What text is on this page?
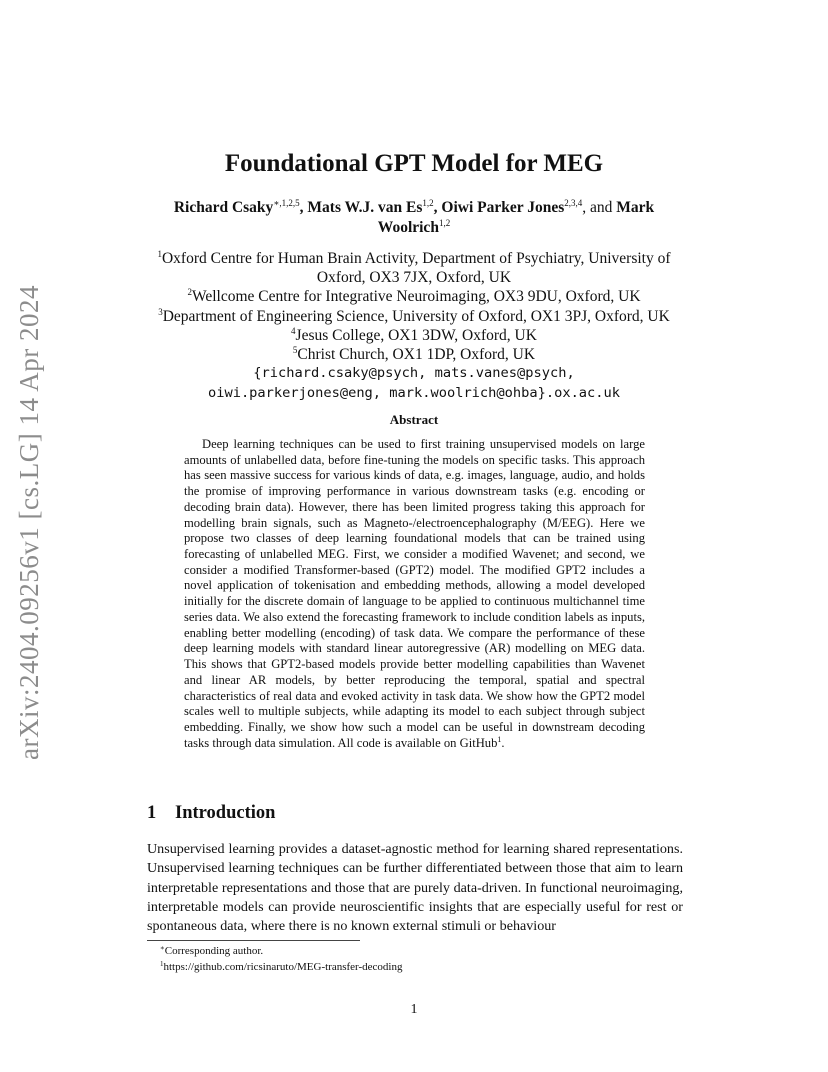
arXiv:2404.09256v1 [cs.LG] 14 Apr 2024
Foundational GPT Model for MEG
Richard Csaky$^{∗,1,2,5}$, Mats W.J. van Es$^{1,2}$, Oiwi Parker Jones$^{2,3,4}$, and Mark
Woolrich$^{1,2}$
$^1$Oxford Centre for Human Brain Activity, Department of Psychiatry, University of Oxford, OX3 7JX, Oxford, UK
$^2$Wellcome Centre for Integrative Neuroimaging, OX3 9DU, Oxford, UK
$^3$Department of Engineering Science, University of Oxford, OX1 3PJ, Oxford, UK
$^4$Jesus College, OX1 3DW, Oxford, UK
$^5$Christ Church, OX1 1DP, Oxford, UK
{richard.csaky@psych, mats.vanes@psych,
oiwi.parkerjones@eng, mark.woolrich@ohba}.ox.ac.uk
Abstract

Deep learning techniques can be used to first training unsupervised models on large amounts of unlabelled data, before fine-tuning the models on specific tasks. This approach has seen massive success for various kinds of data, e.g. images, language, audio, and holds the promise of improving performance in various downstream tasks (e.g. encoding or decoding brain data). However, there has been limited progress taking this approach for modelling brain signals, such as Magneto-/electroencephalography (M/EEG). Here we propose two classes of deep learning foundational models that can be trained using forecasting of unlabelled MEG. First, we consider a modified Wavenet; and second, we consider a modified Transformer-based (GPT2) model. The modified GPT2 includes a novel application of tokenisation and embedding methods, allowing a model developed initially for the discrete domain of language to be applied to continuous multichannel time series data. We also extend the forecasting framework to include condition labels as inputs, enabling better modelling (encoding) of task data. We compare the performance of these deep learning models with standard linear autoregressive (AR) modelling on MEG data. This shows that GPT2-based models provide better modelling capabilities than Wavenet and linear AR models, by better reproducing the temporal, spatial and spectral characteristics of real data and evoked activity in task data. We show how the GPT2 model scales well to multiple subjects, while adapting its model to each subject through subject embedding. Finally, we show how such a model can be useful in downstream decoding tasks through data simulation. All code is available on GitHub$^1$.

1 Introduction

Unsupervised learning provides a dataset-agnostic method for learning shared representations. Unsupervised learning techniques can be further differentiated between those that aim to learn interpretable representations and those that are purely data-driven. In functional neuroimaging, interpretable models can provide neuroscientific insights that are especially useful for rest or spontaneous data, where there is no known external stimuli or behaviour

∗Corresponding author.
$^1$https://github.com/ricsinaruto/MEG-transfer-decoding
1
